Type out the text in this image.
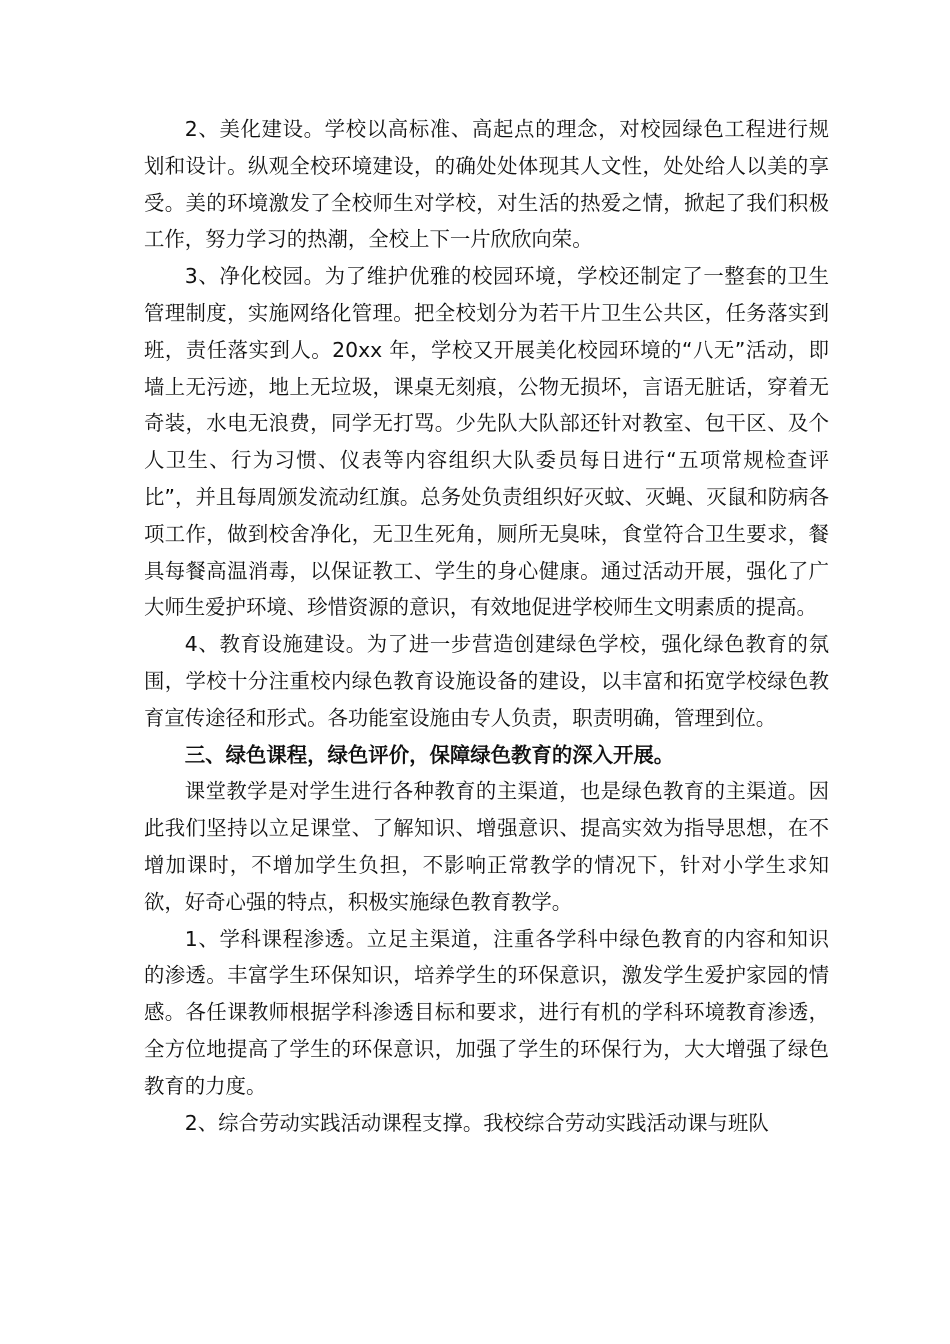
2、美化建设。学校以高标准、高起点的理念，对校园绿色工程进行规划和设计。纵观全校环境建设，的确处处体现其人文性，处处给人以美的享受。美的环境激发了全校师生对学校，对生活的热爱之情，掀起了我们积极工作，努力学习的热潮，全校上下一片欣欣向荣。

3、净化校园。为了维护优雅的校园环境，学校还制定了一整套的卫生管理制度，实施网络化管理。把全校划分为若干片卫生公共区，任务落实到班，责任落实到人。20xx 年，学校又开展美化校园环境的“八无”活动，即墙上无污迹，地上无垃圾，课桌无刻痕，公物无损坏，言语无脏话，穿着无奇装，水电无浪费，同学无打骂。少先队大队部还针对教室、包干区、及个人卫生、行为习惯、仪表等内容组织大队委员每日进行“五项常规检查评比”，并且每周颁发流动红旗。总务处负责组织好灭蚊、灭蝇、灭鼠和防病各项工作，做到校舍净化，无卫生死角，厕所无臭味，食堂符合卫生要求，餐具每餐高温消毒，以保证教工、学生的身心健康。通过活动开展，强化了广大师生爱护环境、珍惜资源的意识，有效地促进学校师生文明素质的提高。

4、教育设施建设。为了进一步营造创建绿色学校，强化绿色教育的氛围，学校十分注重校内绿色教育设施设备的建设，以丰富和拓宽学校绿色教育宣传途径和形式。各功能室设施由专人负责，职责明确，管理到位。

三、绿色课程，绿色评价，保障绿色教育的深入开展。

课堂教学是对学生进行各种教育的主渠道，也是绿色教育的主渠道。因此我们坚持以立足课堂、了解知识、增强意识、提高实效为指导思想，在不增加课时，不增加学生负担，不影响正常教学的情况下，针对小学生求知欲，好奇心强的特点，积极实施绿色教育教学。

1、学科课程渗透。立足主渠道，注重各学科中绿色教育的内容和知识的渗透。丰富学生环保知识，培养学生的环保意识，激发学生爱护家园的情感。各任课教师根据学科渗透目标和要求，进行有机的学科环境教育渗透，全方位地提高了学生的环保意识，加强了学生的环保行为，大大增强了绿色教育的力度。

2、综合劳动实践活动课程支撑。我校综合劳动实践活动课与班队
